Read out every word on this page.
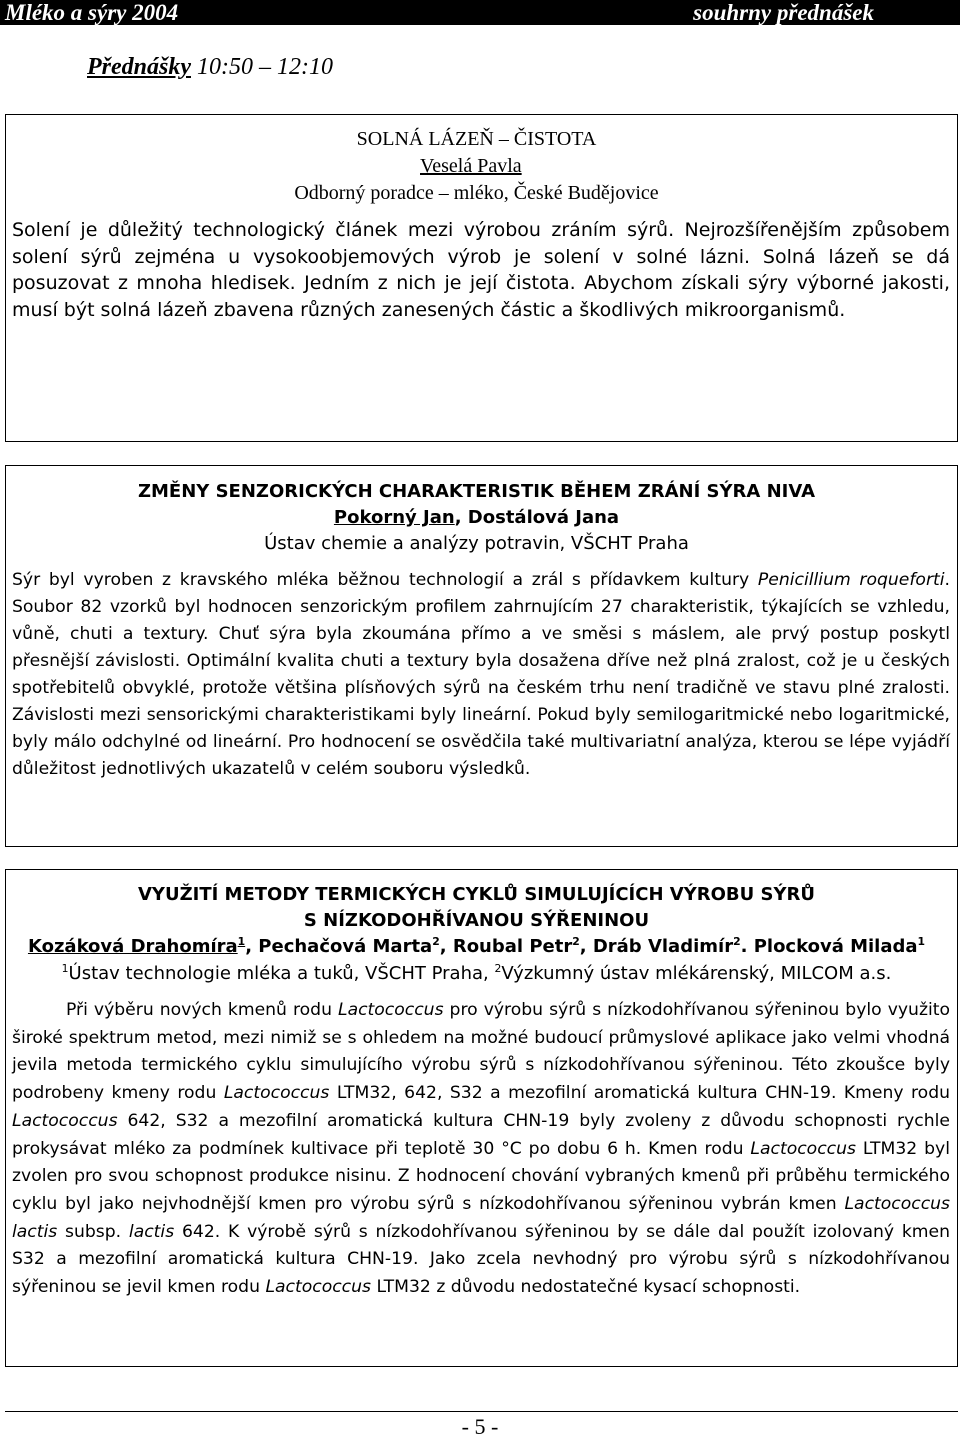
Mléko a sýry 2004	souhrny přednášek
Přednášky 10:50 – 12:10
SOLNÁ LÁZEŇ – ČISTOTA
Veselá Pavla
Odborný poradce – mléko, České Budějovice
Solení je důležitý technologický článek mezi výrobou zráním sýrů. Nejrozšířenějším způsobem solení sýrů zejména u vysokoobjemových výrob je solení v solné lázni. Solná lázeň se dá posuzovat z mnoha hledisek. Jedním z nich je její čistota. Abychom získali sýry výborné jakosti, musí být solná lázeň zbavena různých zanesených částic a škodlivých mikroorganismů.
ZMĚNY SENZORICKÝCH CHARAKTERISTIK BĚHEM ZRÁNÍ SÝRA NIVA
Pokorný Jan, Dostálová Jana
Ústav chemie a analýzy potravin, VŠCHT Praha
Sýr byl vyroben z kravského mléka běžnou technologií a zrál s přídavkem kultury Penicillium roqueforti. Soubor 82 vzorků byl hodnocen senzorickým profilem zahrnujícím 27 charakteristik, týkajících se vzhledu, vůně, chuti a textury. Chuť sýra byla zkoumána přímo a ve směsi s máslem, ale prvý postup poskytl přesnější závislosti. Optimální kvalita chuti a textury byla dosažena dříve než plná zralost, což je u českých spotřebitelů obvyklé, protože většina plísňových sýrů na českém trhu není tradičně ve stavu plné zralosti. Závislosti mezi sensorickými charakteristikami byly lineární. Pokud byly semilogaritmické nebo logaritmické, byly málo odchylné od lineární. Pro hodnocení se osvědčila také multivariatní analýza, kterou se lépe vyjádří důležitost jednotlivých ukazatelů v celém souboru výsledků.
VYUŽITÍ METODY TERMICKÝCH CYKLŮ SIMULUJÍCÍCH VÝROBU SÝRŮ
S NÍZKODOHŘÍVANOU SÝŘENINOU
Kozáková Drahomíra$^1$, Pechačová Marta$^2$, Roubal Petr$^2$, Dráb Vladimír$^2$. Plocková Milada$^1$
$^1$Ústav technologie mléka a tuků, VŠCHT Praha, $^2$Výzkumný ústav mlékárenský, MILCOM a.s.
Při výběru nových kmenů rodu Lactococcus pro výrobu sýrů s nízkodohřívanou sýřeninou bylo využito široké spektrum metod, mezi nimiž se s ohledem na možné budoucí průmyslové aplikace jako velmi vhodná jevila metoda termického cyklu simulujícího výrobu sýrů s nízkodohřívanou sýřeninou. Této zkoušce byly podrobeny kmeny rodu Lactococcus LTM32, 642, S32 a mezofilní aromatická kultura CHN-19. Kmeny rodu Lactococcus 642, S32 a mezofilní aromatická kultura CHN-19 byly zvoleny z důvodu schopnosti rychle prokysávat mléko za podmínek kultivace při teplotě 30 °C po dobu 6 h. Kmen rodu Lactococcus LTM32 byl zvolen pro svou schopnost produkce nisinu. Z hodnocení chování vybraných kmenů při průběhu termického cyklu byl jako nejvhodnější kmen pro výrobu sýrů s nízkodohřívanou sýřeninou vybrán kmen Lactococcus lactis subsp. lactis 642. K výrobě sýrů s nízkodohřívanou sýřeninou by se dále dal použít izolovaný kmen S32 a mezofilní aromatická kultura CHN-19. Jako zcela nevhodný pro výrobu sýrů s nízkodohřívanou sýřeninou se jevil kmen rodu Lactococcus LTM32 z důvodu nedostatečné kysací schopnosti.
- 5 -
